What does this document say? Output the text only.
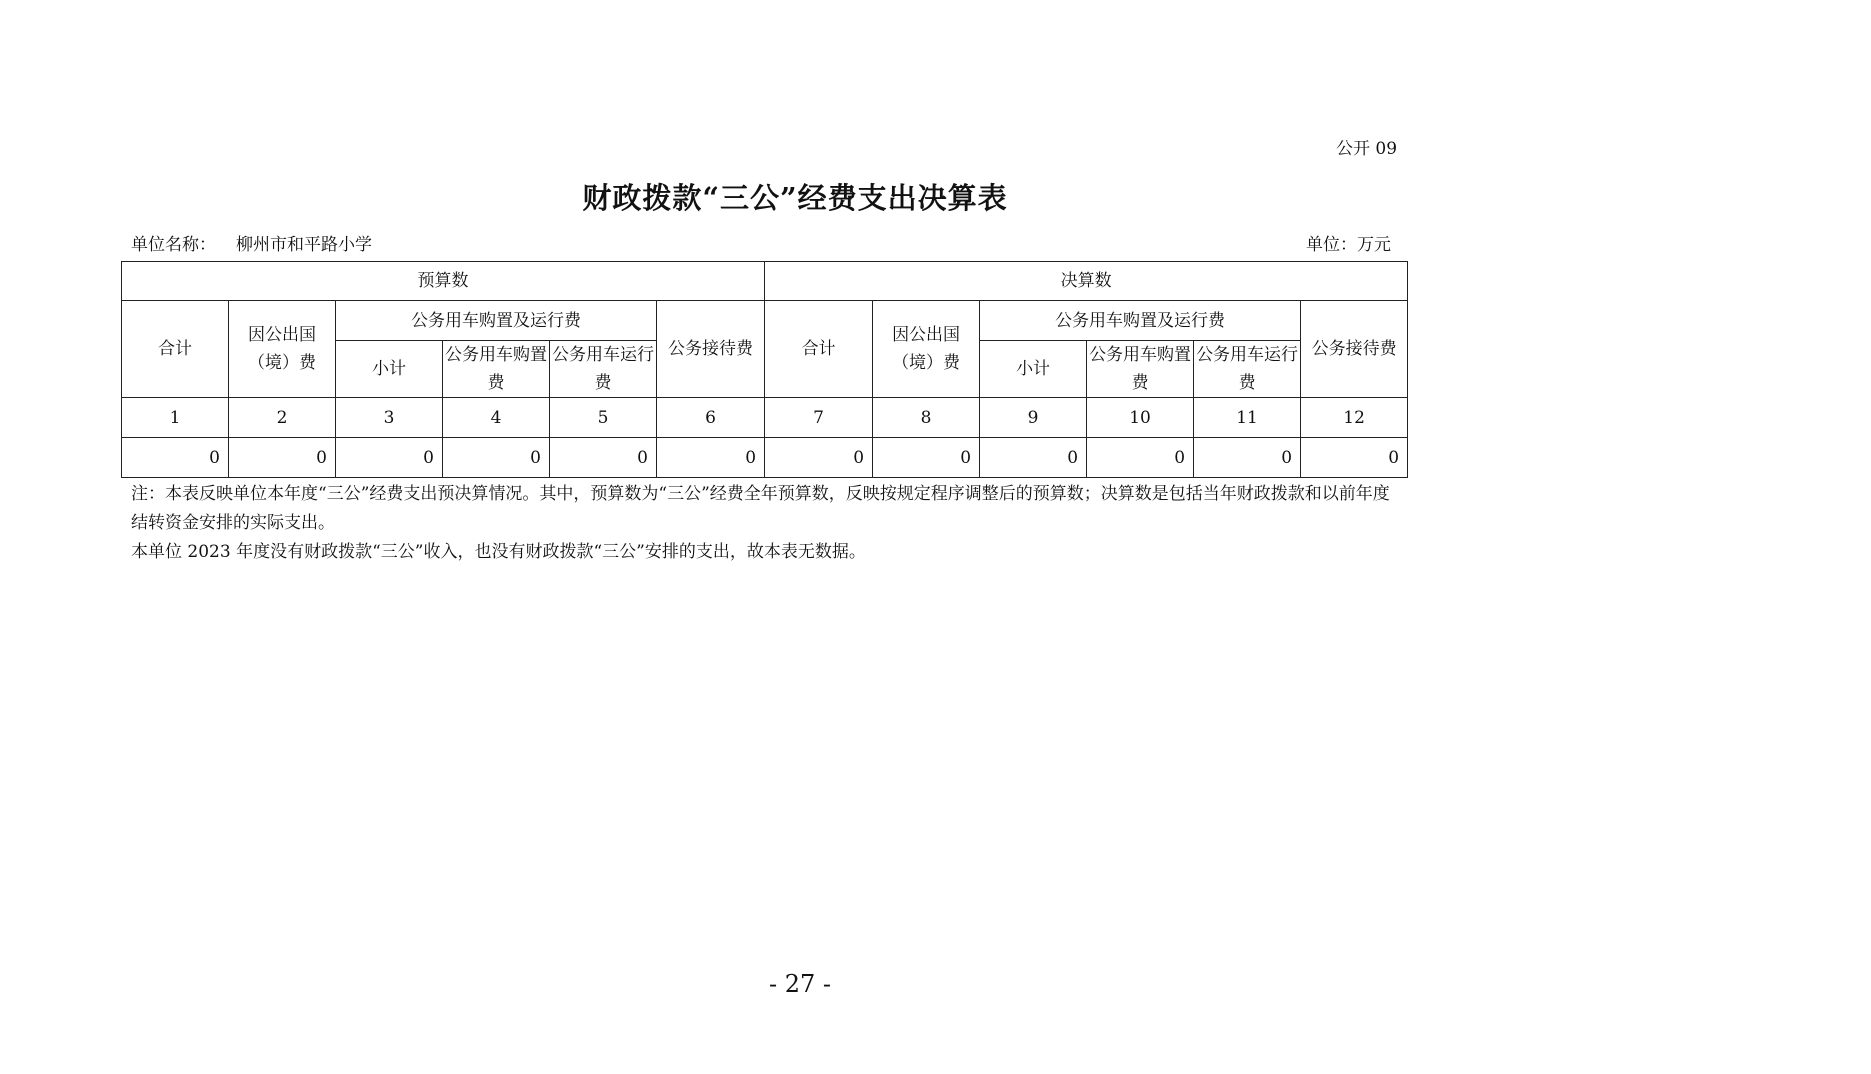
公开 09
财政拨款“三公”经费支出决算表
单位名称： 柳州市和平路小学	单位：万元
预算数						决算数					
合计	因公出国（境）费	公务用车购置及运行费			公务接待费	合计	因公出国（境）费	公务用车购置及运行费			公务接待费
		小计	公务用车购置费	公务用车运行费				小计	公务用车购置费	公务用车运行费	
1	2	3	4	5	6	7	8	9	10	11	12
0	0	0	0	0	0	0	0	0	0	0	0

注：本表反映单位本年度“三公”经费支出预决算情况。其中，预算数为“三公”经费全年预算数，反映按规定程序调整后的预算数；决算数是包括当年财政拨款和以前年度结转资金安排的实际支出。

本单位 2023 年度没有财政拨款“三公”收入，也没有财政拨款“三公”安排的支出，故本表无数据。

- 27 -
